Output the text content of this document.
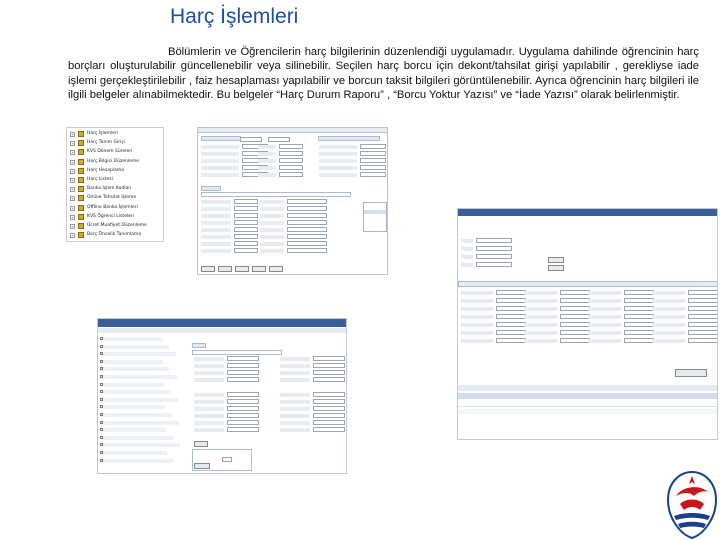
Harç İşlemleri
Bölümlerin ve Öğrencilerin harç bilgilerinin düzenlendiği uygulamadır. Uygulama dahilinde öğrencinin harç borçları oluşturulabilir güncellenebilir veya silinebilir. Seçilen harç borcu için dekont/tahsilat girişi yapılabilir , gerekliyse iade işlemi gerçekleştirilebilir , faiz hesaplaması yapılabilir ve borcun taksit bilgileri görüntülenebilir. Ayrıca öğrencinin harç bilgileri ile ilgili belgeler alınabilmektedir. Bu belgeler “Harç Durum Raporu” , “Borcu Yoktur Yazısı” ve “İade Yazısı” olarak belirlenmiştir.
+	Harç İşlemleri
+	Harç Tanım Girişi
+	KVS Dönem Süreleri
+	Harç Bilgisi Düzenleme
+	Harç Hesaplama
+	Harç Listesi
+	Banka İşlem Kodları
+	Online Tahsilat İşleme
+	Offline Banka İşlemleri
+	KVS Öğrenci Listeleri
+	Ücret Muafiyet Düzenleme
+	Borç Öncelik Tanımlama
